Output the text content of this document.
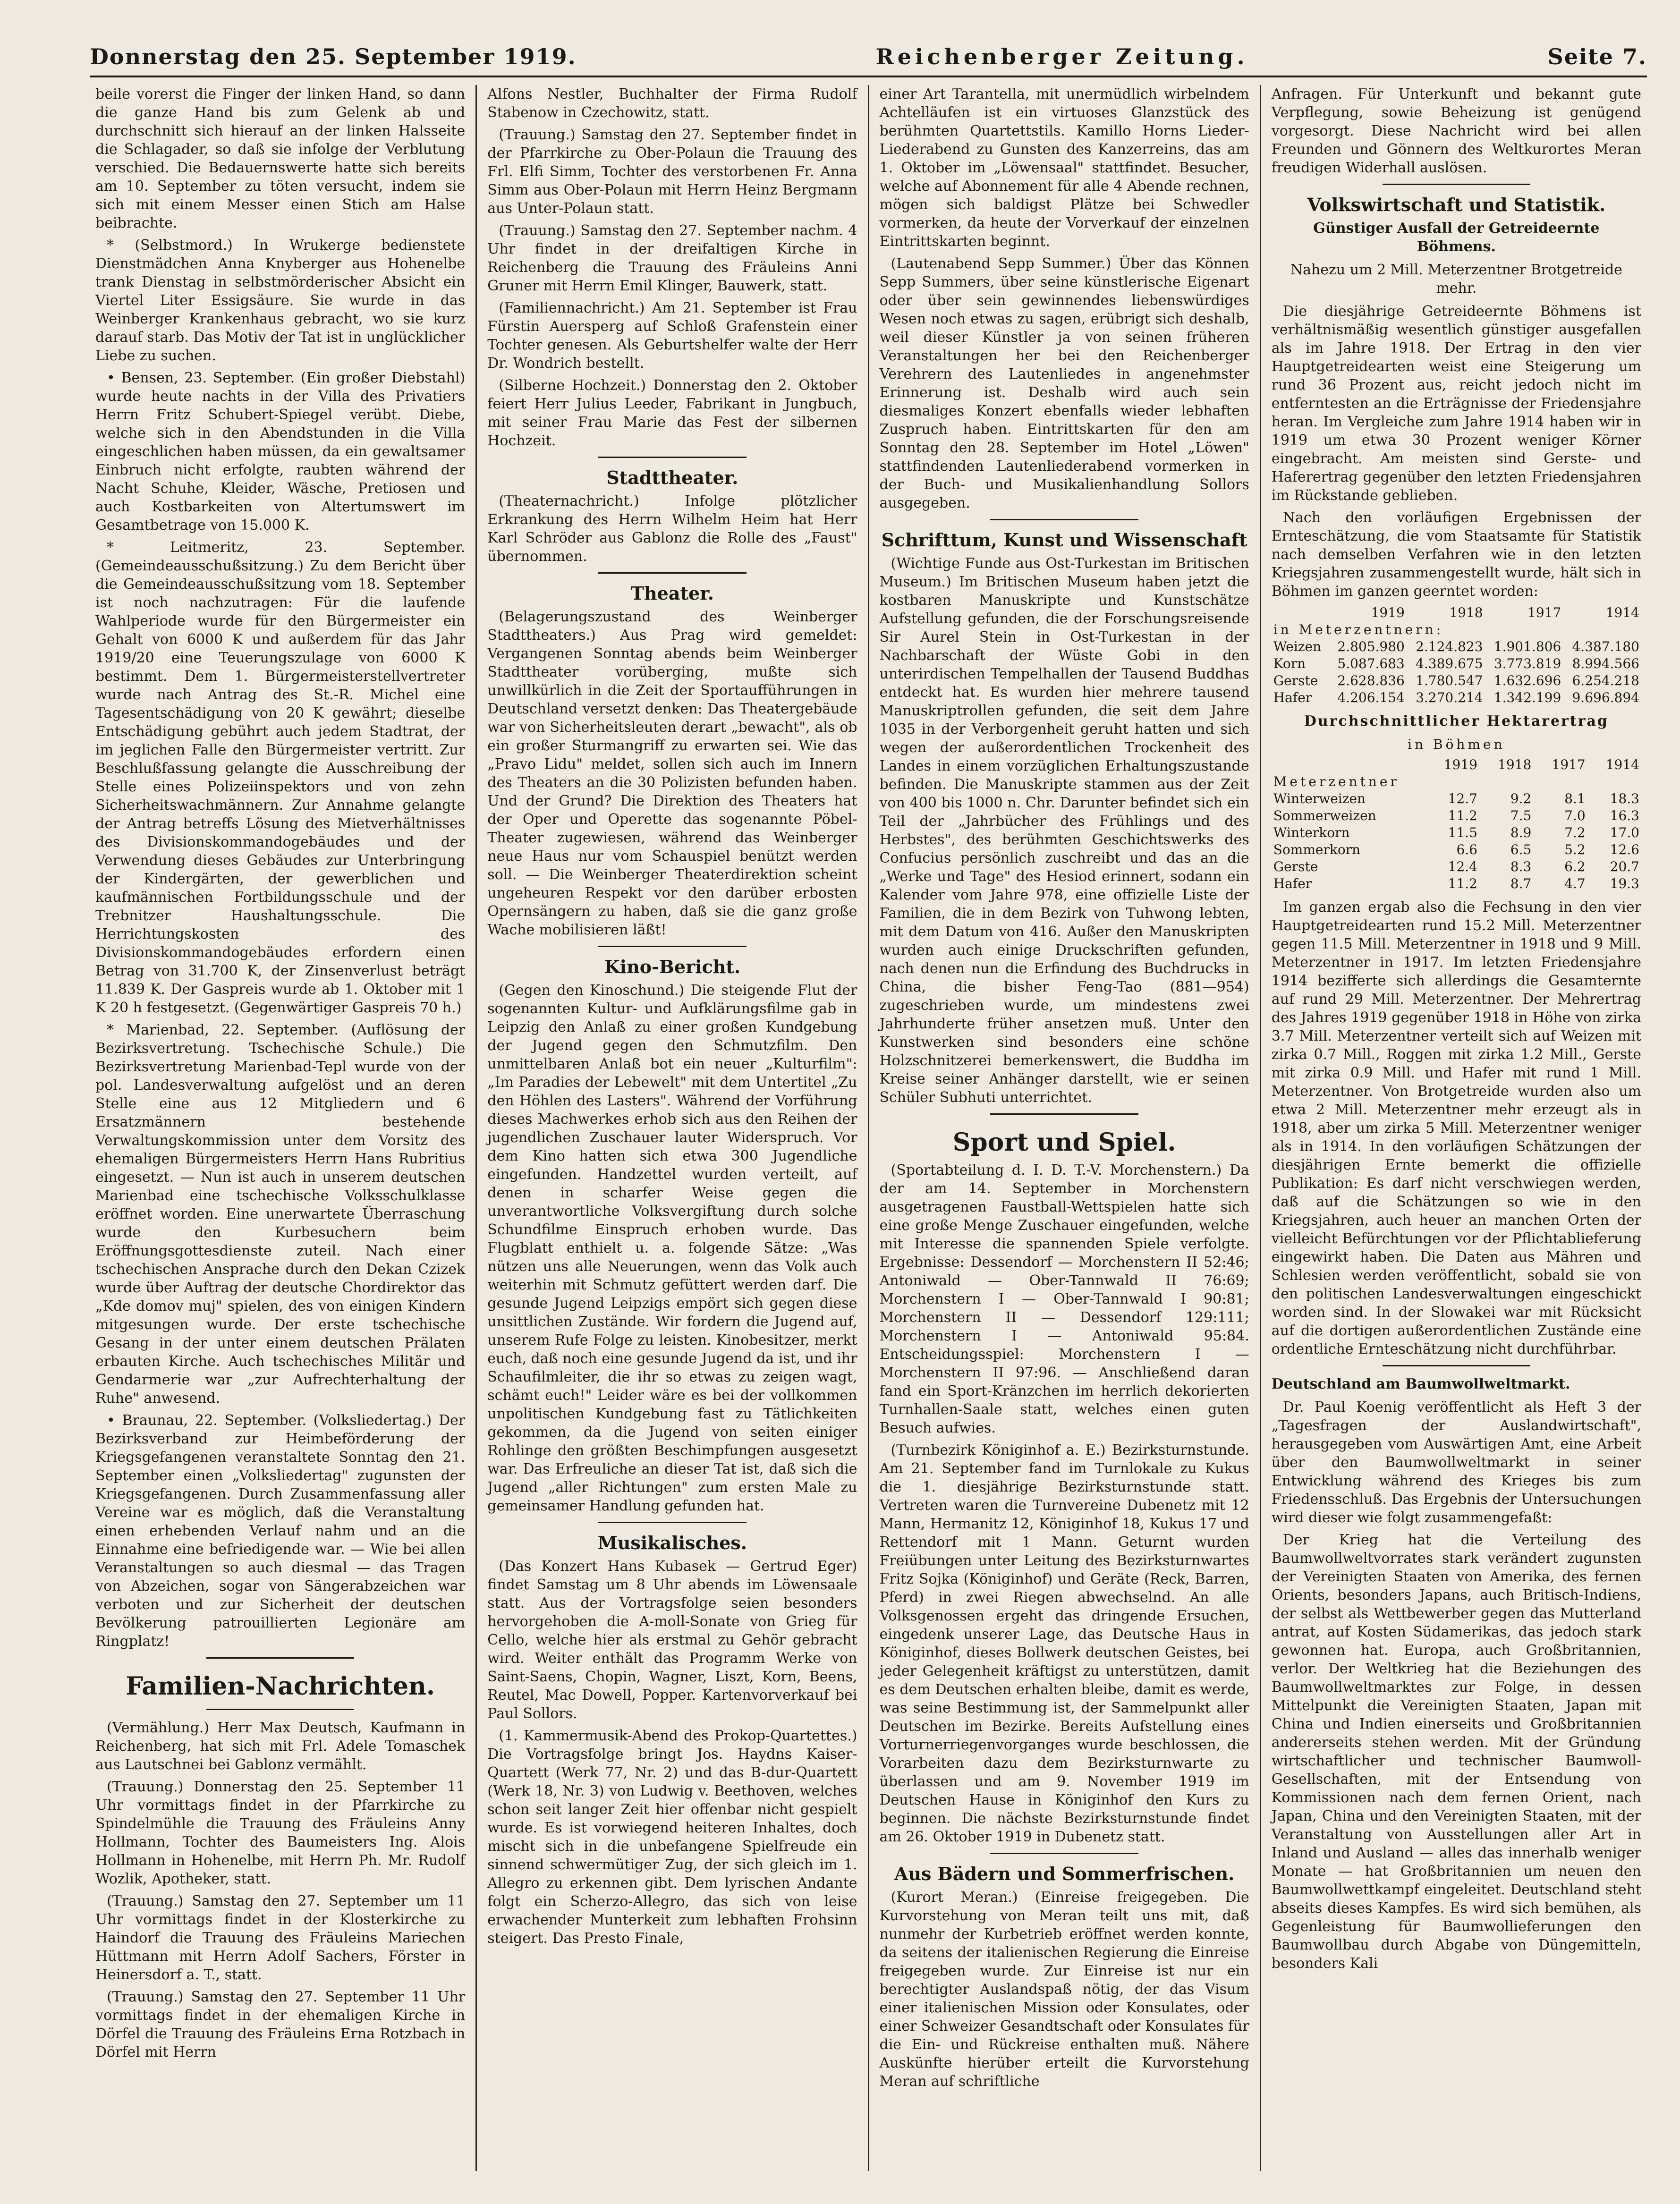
Donnerstag den 25. September 1919.	Reichenberger Zeitung.	Seite 7.

beile vorerst die Finger der linken Hand, so dann die ganze Hand bis zum Gelenk ab und durchschnitt sich hierauf an der linken Halsseite die Schlagader, so daß sie infolge der Verblutung verschied. Die Bedauernswerte hatte sich bereits am 10. September zu töten versucht, indem sie sich mit einem Messer einen Stich am Halse beibrachte.

* (Selbstmord.) In Wrukerge bedienstete Dienstmädchen Anna Knyberger aus Hohenelbe trank Dienstag in selbstmörderischer Absicht ein Viertel Liter Essigsäure. Sie wurde in das Weinberger Krankenhaus gebracht, wo sie kurz darauf starb. Das Motiv der Tat ist in unglücklicher Liebe zu suchen.

• Bensen, 23. September. (Ein großer Diebstahl) wurde heute nachts in der Villa des Privatiers Herrn Fritz Schubert-Spiegel verübt. Diebe, welche sich in den Abendstunden in die Villa eingeschlichen haben müssen, da ein gewaltsamer Einbruch nicht erfolgte, raubten während der Nacht Schuhe, Kleider, Wäsche, Pretiosen und auch Kostbarkeiten von Altertumswert im Gesamtbetrage von 15.000 K.

* Leitmeritz, 23. September. (Gemeindeausschußsitzung.) Zu dem Bericht über die Gemeindeausschußsitzung vom 18. September ist noch nachzutragen: Für die laufende Wahlperiode wurde für den Bürgermeister ein Gehalt von 6000 K und außerdem für das Jahr 1919/20 eine Teuerungszulage von 6000 K bestimmt. Dem 1. Bürgermeisterstellvertreter wurde nach Antrag des St.-R. Michel eine Tagesentschädigung von 20 K gewährt; dieselbe Entschädigung gebührt auch jedem Stadtrat, der im jeglichen Falle den Bürgermeister vertritt. Zur Beschlußfassung gelangte die Ausschreibung der Stelle eines Polizeiinspektors und von zehn Sicherheitswachmännern. Zur Annahme gelangte der Antrag betreffs Lösung des Mietverhältnisses des Divisionskommandogebäudes und der Verwendung dieses Gebäudes zur Unterbringung der Kindergärten, der gewerblichen und kaufmännischen Fortbildungsschule und der Trebnitzer Haushaltungsschule. Die Herrichtungskosten des Divisionskommandogebäudes erfordern einen Betrag von 31.700 K, der Zinsenverlust beträgt 11.839 K. Der Gaspreis wurde ab 1. Oktober mit 1 K 20 h festgesetzt. (Gegenwärtiger Gaspreis 70 h.)

* Marienbad, 22. September. (Auflösung der Bezirksvertretung. Tschechische Schule.) Die Bezirksvertretung Marienbad-Tepl wurde von der pol. Landesverwaltung aufgelöst und an deren Stelle eine aus 12 Mitgliedern und 6 Ersatzmännern bestehende Verwaltungskommission unter dem Vorsitz des ehemaligen Bürgermeisters Herrn Hans Rubritius eingesetzt. — Nun ist auch in unserem deutschen Marienbad eine tschechische Volksschulklasse eröffnet worden. Eine unerwartete Überraschung wurde den Kurbesuchern beim Eröffnungsgottesdienste zuteil. Nach einer tschechischen Ansprache durch den Dekan Czizek wurde über Auftrag der deutsche Chordirektor das „Kde domov muj" spielen, des von einigen Kindern mitgesungen wurde. Der erste tschechische Gesang in der unter einem deutschen Prälaten erbauten Kirche. Auch tschechisches Militär und Gendarmerie war „zur Aufrechterhaltung der Ruhe" anwesend.

• Braunau, 22. September. (Volksliedertag.) Der Bezirksverband zur Heimbeförderung der Kriegsgefangenen veranstaltete Sonntag den 21. September einen „Volksliedertag" zugunsten der Kriegsgefangenen. Durch Zusammenfassung aller Vereine war es möglich, daß die Veranstaltung einen erhebenden Verlauf nahm und an die Einnahme eine befriedigende war. — Wie bei allen Veranstaltungen so auch diesmal — das Tragen von Abzeichen, sogar von Sängerabzeichen war verboten und zur Sicherheit der deutschen Bevölkerung patrouillierten Legionäre am Ringplatz!

Familien-Nachrichten.

(Vermählung.) Herr Max Deutsch, Kaufmann in Reichenberg, hat sich mit Frl. Adele Tomaschek aus Lautschnei bei Gablonz vermählt.

(Trauung.) Donnerstag den 25. September 11 Uhr vormittags findet in der Pfarrkirche zu Spindelmühle die Trauung des Fräuleins Anny Hollmann, Tochter des Baumeisters Ing. Alois Hollmann in Hohenelbe, mit Herrn Ph. Mr. Rudolf Wozlik, Apotheker, statt.

(Trauung.) Samstag den 27. September um 11 Uhr vormittags findet in der Klosterkirche zu Haindorf die Trauung des Fräuleins Mariechen Hüttmann mit Herrn Adolf Sachers, Förster in Heinersdorf a. T., statt.

(Trauung.) Samstag den 27. September 11 Uhr vormittags findet in der ehemaligen Kirche in Dörfel die Trauung des Fräuleins Erna Rotzbach in Dörfel mit Herrn

Alfons Nestler, Buchhalter der Firma Rudolf Stabenow in Czechowitz, statt.

(Trauung.) Samstag den 27. September findet in der Pfarrkirche zu Ober-Polaun die Trauung des Frl. Elfi Simm, Tochter des verstorbenen Fr. Anna Simm aus Ober-Polaun mit Herrn Heinz Bergmann aus Unter-Polaun statt.

(Trauung.) Samstag den 27. September nachm. 4 Uhr findet in der dreifaltigen Kirche in Reichenberg die Trauung des Fräuleins Anni Gruner mit Herrn Emil Klinger, Bauwerk, statt.

(Familiennachricht.) Am 21. September ist Frau Fürstin Auersperg auf Schloß Grafenstein einer Tochter genesen. Als Geburtshelfer walte der Herr Dr. Wondrich bestellt.

(Silberne Hochzeit.) Donnerstag den 2. Oktober feiert Herr Julius Leeder, Fabrikant in Jungbuch, mit seiner Frau Marie das Fest der silbernen Hochzeit.

Stadttheater.

(Theaternachricht.) Infolge plötzlicher Erkrankung des Herrn Wilhelm Heim hat Herr Karl Schröder aus Gablonz die Rolle des „Faust" übernommen.

Theater.

(Belagerungszustand des Weinberger Stadttheaters.) Aus Prag wird gemeldet: Vergangenen Sonntag abends beim Weinberger Stadttheater vorüberging, mußte sich unwillkürlich in die Zeit der Sportaufführungen in Deutschland versetzt denken: Das Theatergebäude war von Sicherheitsleuten derart „bewacht", als ob ein großer Sturmangriff zu erwarten sei. Wie das „Pravo Lidu" meldet, sollen sich auch im Innern des Theaters an die 30 Polizisten befunden haben. Und der Grund? Die Direktion des Theaters hat der Oper und Operette das sogenannte Pöbel-Theater zugewiesen, während das Weinberger neue Haus nur vom Schauspiel benützt werden soll. — Die Weinberger Theaterdirektion scheint ungeheuren Respekt vor den darüber erbosten Opernsängern zu haben, daß sie die ganz große Wache mobilisieren läßt!

Kino-Bericht.

(Gegen den Kinoschund.) Die steigende Flut der sogenannten Kultur- und Aufklärungsfilme gab in Leipzig den Anlaß zu einer großen Kundgebung der Jugend gegen den Schmutzfilm. Den unmittelbaren Anlaß bot ein neuer „Kulturfilm": „Im Paradies der Lebewelt" mit dem Untertitel „Zu den Höhlen des Lasters". Während der Vorführung dieses Machwerkes erhob sich aus den Reihen der jugendlichen Zuschauer lauter Widerspruch. Vor dem Kino hatten sich etwa 300 Jugendliche eingefunden. Handzettel wurden verteilt, auf denen in scharfer Weise gegen die unverantwortliche Volksvergiftung durch solche Schundfilme Einspruch erhoben wurde. Das Flugblatt enthielt u. a. folgende Sätze: „Was nützen uns alle Neuerungen, wenn das Volk auch weiterhin mit Schmutz gefüttert werden darf. Die gesunde Jugend Leipzigs empört sich gegen diese unsittlichen Zustände. Wir fordern die Jugend auf, unserem Rufe Folge zu leisten. Kinobesitzer, merkt euch, daß noch eine gesunde Jugend da ist, und ihr Schaufilmleiter, die ihr so etwas zu zeigen wagt, schämt euch!" Leider wäre es bei der vollkommen unpolitischen Kundgebung fast zu Tätlichkeiten gekommen, da die Jugend von seiten einiger Rohlinge den größten Beschimpfungen ausgesetzt war. Das Erfreuliche an dieser Tat ist, daß sich die Jugend „aller Richtungen" zum ersten Male zu gemeinsamer Handlung gefunden hat.

Musikalisches.

(Das Konzert Hans Kubasek — Gertrud Eger) findet Samstag um 8 Uhr abends im Löwensaale statt. Aus der Vortragsfolge seien besonders hervorgehoben die A-moll-Sonate von Grieg für Cello, welche hier als erstmal zu Gehör gebracht wird. Weiter enthält das Programm Werke von Saint-Saens, Chopin, Wagner, Liszt, Korn, Beens, Reutel, Mac Dowell, Popper. Kartenvorverkauf bei Paul Sollors.

(1. Kammermusik-Abend des Prokop-Quartettes.) Die Vortragsfolge bringt Jos. Haydns Kaiser-Quartett (Werk 77, Nr. 2) und das B-dur-Quartett (Werk 18, Nr. 3) von Ludwig v. Beethoven, welches schon seit langer Zeit hier offenbar nicht gespielt wurde. Es ist vorwiegend heiteren Inhaltes, doch mischt sich in die unbefangene Spielfreude ein sinnend schwermütiger Zug, der sich gleich im 1. Allegro zu erkennen gibt. Dem lyrischen Andante folgt ein Scherzo-Allegro, das sich von leise erwachender Munterkeit zum lebhaften Frohsinn steigert. Das Presto Finale,

einer Art Tarantella, mit unermüdlich wirbelndem Achtelläufen ist ein virtuoses Glanzstück des berühmten Quartettstils. Kamillo Horns Lieder-Liederabend zu Gunsten des Kanzerreins, das am 1. Oktober im „Löwensaal" stattfindet. Besucher, welche auf Abonnement für alle 4 Abende rechnen, mögen sich baldigst Plätze bei Schwedler vormerken, da heute der Vorverkauf der einzelnen Eintrittskarten beginnt.

(Lautenabend Sepp Summer.) Über das Können Sepp Summers, über seine künstlerische Eigenart oder über sein gewinnendes liebenswürdiges Wesen noch etwas zu sagen, erübrigt sich deshalb, weil dieser Künstler ja von seinen früheren Veranstaltungen her bei den Reichenberger Verehrern des Lautenliedes in angenehmster Erinnerung ist. Deshalb wird auch sein diesmaliges Konzert ebenfalls wieder lebhaften Zuspruch haben. Eintrittskarten für den am Sonntag den 28. September im Hotel „Löwen" stattfindenden Lautenliederabend vormerken in der Buch- und Musikalienhandlung Sollors ausgegeben.

Schrifttum, Kunst und Wissenschaft

(Wichtige Funde aus Ost-Turkestan im Britischen Museum.) Im Britischen Museum haben jetzt die kostbaren Manuskripte und Kunstschätze Aufstellung gefunden, die der Forschungsreisende Sir Aurel Stein in Ost-Turkestan in der Nachbarschaft der Wüste Gobi in den unterirdischen Tempelhallen der Tausend Buddhas entdeckt hat. Es wurden hier mehrere tausend Manuskriptrollen gefunden, die seit dem Jahre 1035 in der Verborgenheit geruht hatten und sich wegen der außerordentlichen Trockenheit des Landes in einem vorzüglichen Erhaltungszustande befinden. Die Manuskripte stammen aus der Zeit von 400 bis 1000 n. Chr. Darunter befindet sich ein Teil der „Jahrbücher des Frühlings und des Herbstes", des berühmten Geschichtswerks des Confucius persönlich zuschreibt und das an die „Werke und Tage" des Hesiod erinnert, sodann ein Kalender vom Jahre 978, eine offizielle Liste der Familien, die in dem Bezirk von Tuhwong lebten, mit dem Datum von 416. Außer den Manuskripten wurden auch einige Druckschriften gefunden, nach denen nun die Erfindung des Buchdrucks in China, die bisher Feng-Tao (881—954) zugeschrieben wurde, um mindestens zwei Jahrhunderte früher ansetzen muß. Unter den Kunstwerken sind besonders eine schöne Holzschnitzerei bemerkenswert, die Buddha im Kreise seiner Anhänger darstellt, wie er seinen Schüler Subhuti unterrichtet.

Sport und Spiel.

(Sportabteilung d. I. D. T.-V. Morchenstern.) Da der am 14. September in Morchenstern ausgetragenen Faustball-Wettspielen hatte sich eine große Menge Zuschauer eingefunden, welche mit Interesse die spannenden Spiele verfolgte. Ergebnisse: Dessendorf — Morchenstern II 52:46; Antoniwald — Ober-Tannwald II 76:69; Morchenstern I — Ober-Tannwald I 90:81; Morchenstern II — Dessendorf 129:111; Morchenstern I — Antoniwald 95:84. Entscheidungsspiel: Morchenstern I — Morchenstern II 97:96. — Anschließend daran fand ein Sport-Kränzchen im herrlich dekorierten Turnhallen-Saale statt, welches einen guten Besuch aufwies.

(Turnbezirk Königinhof a. E.) Bezirksturnstunde. Am 21. September fand im Turnlokale zu Kukus die 1. diesjährige Bezirksturnstunde statt. Vertreten waren die Turnvereine Dubenetz mit 12 Mann, Hermanitz 12, Königinhof 18, Kukus 17 und Rettendorf mit 1 Mann. Geturnt wurden Freiübungen unter Leitung des Bezirksturnwartes Fritz Sojka (Königinhof) und Geräte (Reck, Barren, Pferd) in zwei Riegen abwechselnd. An alle Volksgenossen ergeht das dringende Ersuchen, eingedenk unserer Lage, das Deutsche Haus in Königinhof, dieses Bollwerk deutschen Geistes, bei jeder Gelegenheit kräftigst zu unterstützen, damit es dem Deutschen erhalten bleibe, damit es werde, was seine Bestimmung ist, der Sammelpunkt aller Deutschen im Bezirke. Bereits Aufstellung eines Vorturnerriegenvorganges wurde beschlossen, die Vorarbeiten dazu dem Bezirksturnwarte zu überlassen und am 9. November 1919 im Deutschen Hause in Königinhof den Kurs zu beginnen. Die nächste Bezirksturnstunde findet am 26. Oktober 1919 in Dubenetz statt.

Aus Bädern und Sommerfrischen.

(Kurort Meran.) (Einreise freigegeben. Die Kurvorstehung von Meran teilt uns mit, daß nunmehr der Kurbetrieb eröffnet werden konnte, da seitens der italienischen Regierung die Einreise freigegeben wurde. Zur Einreise ist nur ein berechtigter Auslandspaß nötig, der das Visum einer italienischen Mission oder Konsulates, oder einer Schweizer Gesandtschaft oder Konsulates für die Ein- und Rückreise enthalten muß. Nähere Auskünfte hierüber erteilt die Kurvorstehung Meran auf schriftliche

Anfragen. Für Unterkunft und bekannt gute Verpflegung, sowie Beheizung ist genügend vorgesorgt. Diese Nachricht wird bei allen Freunden und Gönnern des Weltkurortes Meran freudigen Widerhall auslösen.

Volkswirtschaft und Statistik.
Günstiger Ausfall der Getreideernte Böhmens.
Nahezu um 2 Mill. Meterzentner Brotgetreide mehr.

Die diesjährige Getreideernte Böhmens ist verhältnismäßig wesentlich günstiger ausgefallen als im Jahre 1918. Der Ertrag in den vier Hauptgetreidearten weist eine Steigerung um rund 36 Prozent aus, reicht jedoch nicht im entferntesten an die Erträgnisse der Friedensjahre heran. Im Vergleiche zum Jahre 1914 haben wir in 1919 um etwa 30 Prozent weniger Körner eingebracht. Am meisten sind Gerste- und Haferertrag gegenüber den letzten Friedensjahren im Rückstande geblieben.

Nach den vorläufigen Ergebnissen der Ernteschätzung, die vom Staatsamte für Statistik nach demselben Verfahren wie in den letzten Kriegsjahren zusammengestellt wurde, hält sich in Böhmen im ganzen geerntet worden:

	1919	1918	1917	1914
in Meterzentnern:				
Weizen	2.805.980	2.124.823	1.901.806	4.387.180
Korn	5.087.683	4.389.675	3.773.819	8.994.566
Gerste	2.628.836	1.780.547	1.632.696	6.254.218
Hafer	4.206.154	3.270.214	1.342.199	9.696.894
Durchschnittlicher Hektarertrag
in Böhmen
	1919	1918	1917	1914
Meterzentner				
Winterweizen	12.7	9.2	8.1	18.3
Sommerweizen	11.2	7.5	7.0	16.3
Winterkorn	11.5	8.9	7.2	17.0
Sommerkorn	6.6	6.5	5.2	12.6
Gerste	12.4	8.3	6.2	20.7
Hafer	11.2	8.7	4.7	19.3

Im ganzen ergab also die Fechsung in den vier Hauptgetreidearten rund 15.2 Mill. Meterzentner gegen 11.5 Mill. Meterzentner in 1918 und 9 Mill. Meterzentner in 1917. Im letzten Friedensjahre 1914 bezifferte sich allerdings die Gesamternte auf rund 29 Mill. Meterzentner. Der Mehrertrag des Jahres 1919 gegenüber 1918 in Höhe von zirka 3.7 Mill. Meterzentner verteilt sich auf Weizen mit zirka 0.7 Mill., Roggen mit zirka 1.2 Mill., Gerste mit zirka 0.9 Mill. und Hafer mit rund 1 Mill. Meterzentner. Von Brotgetreide wurden also um etwa 2 Mill. Meterzentner mehr erzeugt als in 1918, aber um zirka 5 Mill. Meterzentner weniger als in 1914. In den vorläufigen Schätzungen der diesjährigen Ernte bemerkt die offizielle Publikation: Es darf nicht verschwiegen werden, daß auf die Schätzungen so wie in den Kriegsjahren, auch heuer an manchen Orten der vielleicht Befürchtungen vor der Pflichtablieferung eingewirkt haben. Die Daten aus Mähren und Schlesien werden veröffentlicht, sobald sie von den politischen Landesverwaltungen eingeschickt worden sind. In der Slowakei war mit Rücksicht auf die dortigen außerordentlichen Zustände eine ordentliche Ernteschätzung nicht durchführbar.

Deutschland am Baumwollweltmarkt.

Dr. Paul Koenig veröffentlicht als Heft 3 der „Tagesfragen der Auslandwirtschaft", herausgegeben vom Auswärtigen Amt, eine Arbeit über den Baumwollweltmarkt in seiner Entwicklung während des Krieges bis zum Friedensschluß. Das Ergebnis der Untersuchungen wird dieser wie folgt zusammengefaßt:

Der Krieg hat die Verteilung des Baumwollweltvorrates stark verändert zugunsten der Vereinigten Staaten von Amerika, des fernen Orients, besonders Japans, auch Britisch-Indiens, der selbst als Wettbewerber gegen das Mutterland antrat, auf Kosten Südamerikas, das jedoch stark gewonnen hat. Europa, auch Großbritannien, verlor. Der Weltkrieg hat die Beziehungen des Baumwollweltmarktes zur Folge, in dessen Mittelpunkt die Vereinigten Staaten, Japan mit China und Indien einerseits und Großbritannien andererseits stehen werden. Mit der Gründung wirtschaftlicher und technischer Baumwoll-Gesellschaften, mit der Entsendung von Kommissionen nach dem fernen Orient, nach Japan, China und den Vereinigten Staaten, mit der Veranstaltung von Ausstellungen aller Art in Inland und Ausland — alles das innerhalb weniger Monate — hat Großbritannien um neuen den Baumwollwettkampf eingeleitet. Deutschland steht abseits dieses Kampfes. Es wird sich bemühen, als Gegenleistung für Baumwollieferungen den Baumwollbau durch Abgabe von Düngemitteln, besonders Kali
